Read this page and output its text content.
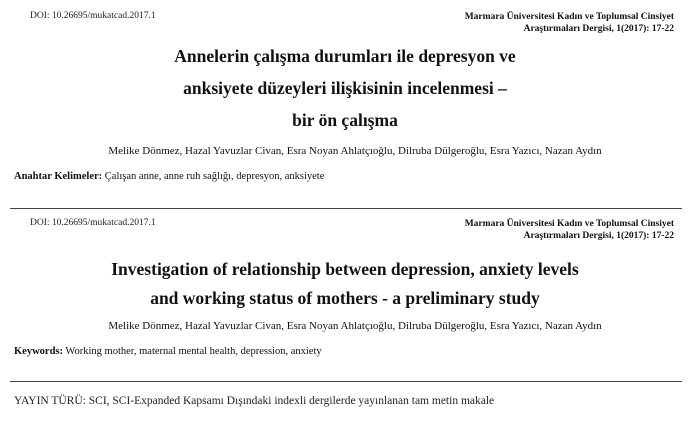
DOI: 10.26695/mukatcad.2017.1	Marmara Üniversitesi Kadın ve Toplumsal Cinsiyet
Araştırmaları Dergisi, 1(2017): 17-22
Annelerin çalışma durumları ile depresyon ve
anksiyete düzeyleri ilişkisinin incelenmesi –
bir ön çalışma
Melike Dönmez, Hazal Yavuzlar Civan, Esra Noyan Ahlatçıoğlu, Dilruba Dülgeroğlu, Esra Yazıcı, Nazan Aydın
Anahtar Kelimeler: Çalışan anne, anne ruh sağlığı, depresyon, anksiyete
DOI: 10.26695/mukatcad.2017.1	Marmara Üniversitesi Kadın ve Toplumsal Cinsiyet
Araştırmaları Dergisi, 1(2017): 17-22
Investigation of relationship between depression, anxiety levels
and working status of mothers - a preliminary study
Melike Dönmez, Hazal Yavuzlar Civan, Esra Noyan Ahlatçıoğlu, Dilruba Dülgeroğlu, Esra Yazıcı, Nazan Aydın
Keywords: Working mother, maternal mental health, depression, anxiety
YAYIN TÜRÜ: SCI, SCI-Expanded Kapsamı Dışındaki indexli dergilerde yayınlanan tam metin makale
